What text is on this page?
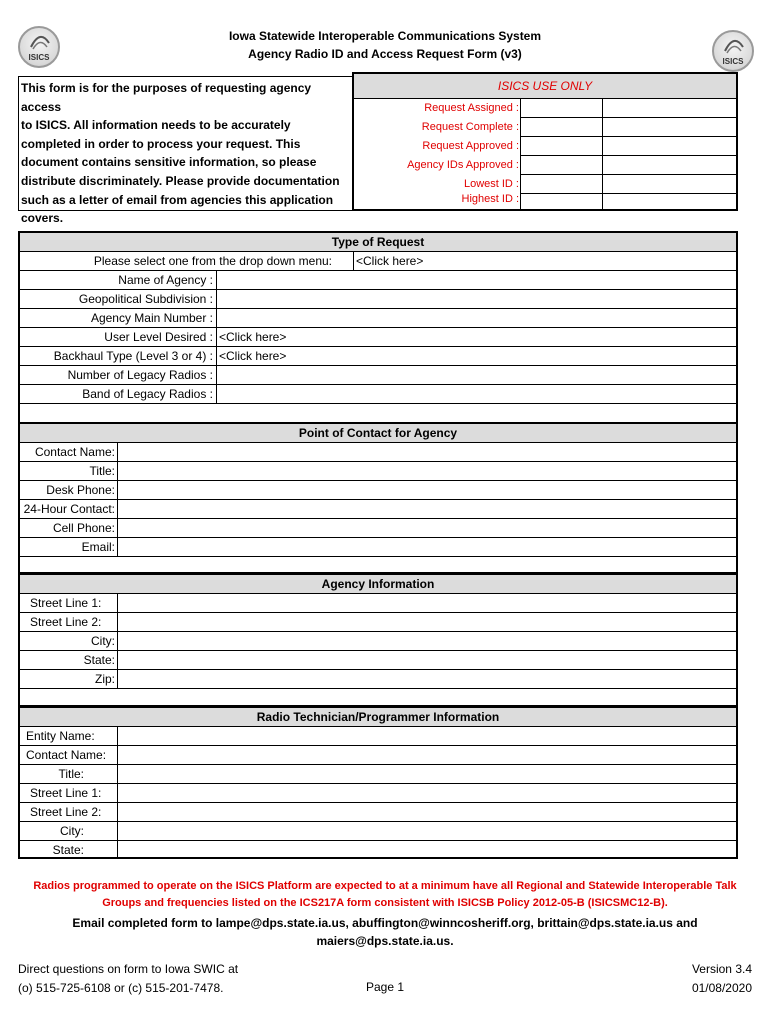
ISICS	ISICS
Iowa Statewide Interoperable Communications System
Agency Radio ID and Access Request Form (v3)
This form is for the purposes of requesting agency access
to ISICS. All information needs to be accurately
completed in order to process your request. This
document contains sensitive information, so please
distribute discriminately. Please provide documentation
such as a letter of email from agencies this application
covers.
ISICS USE ONLY
Request Assigned :
Request Complete :
Request Approved :
Agency IDs Approved :
Lowest ID :
Highest ID :
Type of Request
Please select one from the drop down menu: <Click here>
Name of Agency :
Geopolitical Subdivision :
Agency Main Number :
User Level Desired : <Click here>
Backhaul Type (Level 3 or 4) : <Click here>
Number of Legacy Radios :
Band of Legacy Radios :
Point of Contact for Agency
Contact Name:
Title:
Desk Phone:
24-Hour Contact:
Cell Phone:
Email:
Agency Information
Street Line 1:
Street Line 2:
City:
State:
Zip:
Radio Technician/Programmer Information
Entity Name:
Contact Name:
Title:
Street Line 1:
Street Line 2:
City:
State:
Radios programmed to operate on the ISICS Platform are expected to at a minimum have all Regional and Statewide Interoperable Talk
Groups and frequencies listed on the ICS217A form consistent with ISICSB Policy 2012-05-B (ISICSMC12-B).
Email completed form to lampe@dps.state.ia.us, abuffington@winncosheriff.org, brittain@dps.state.ia.us and
maiers@dps.state.ia.us.
Direct questions on form to Iowa SWIC at
(o) 515-725-6108 or (c) 515-201-7478.	Page 1
Version 3.4
01/08/2020
